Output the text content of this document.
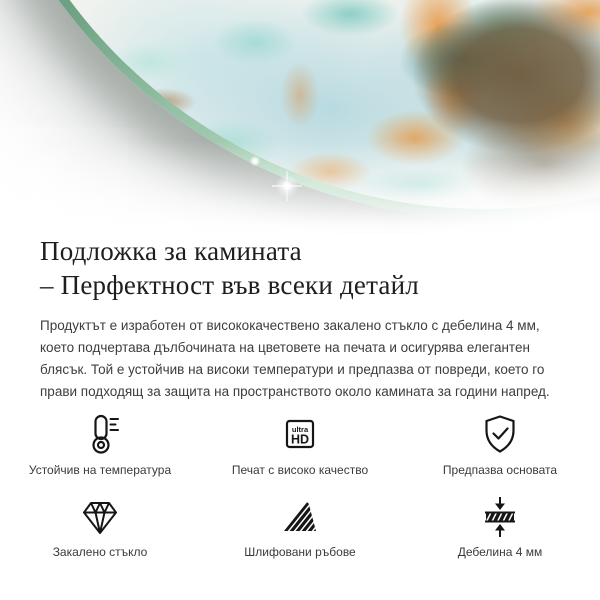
Подложка за камината
– Перфектност във всеки детайл

Продуктът е изработен от висококачествено закалено стъкло с дебелина 4 мм, което подчертава дълбочината на цветовете на печата и осигурява елегантен блясък. Той е устойчив на високи температури и предпазва от повреди, което го прави подходящ за защита на пространството около камината за години напред.

Устойчив на температура
ultra
HD
Печат с високо качество	Предпазва основата
Закалено стъкло	Шлифовани ръбове	Дебелина 4 мм
